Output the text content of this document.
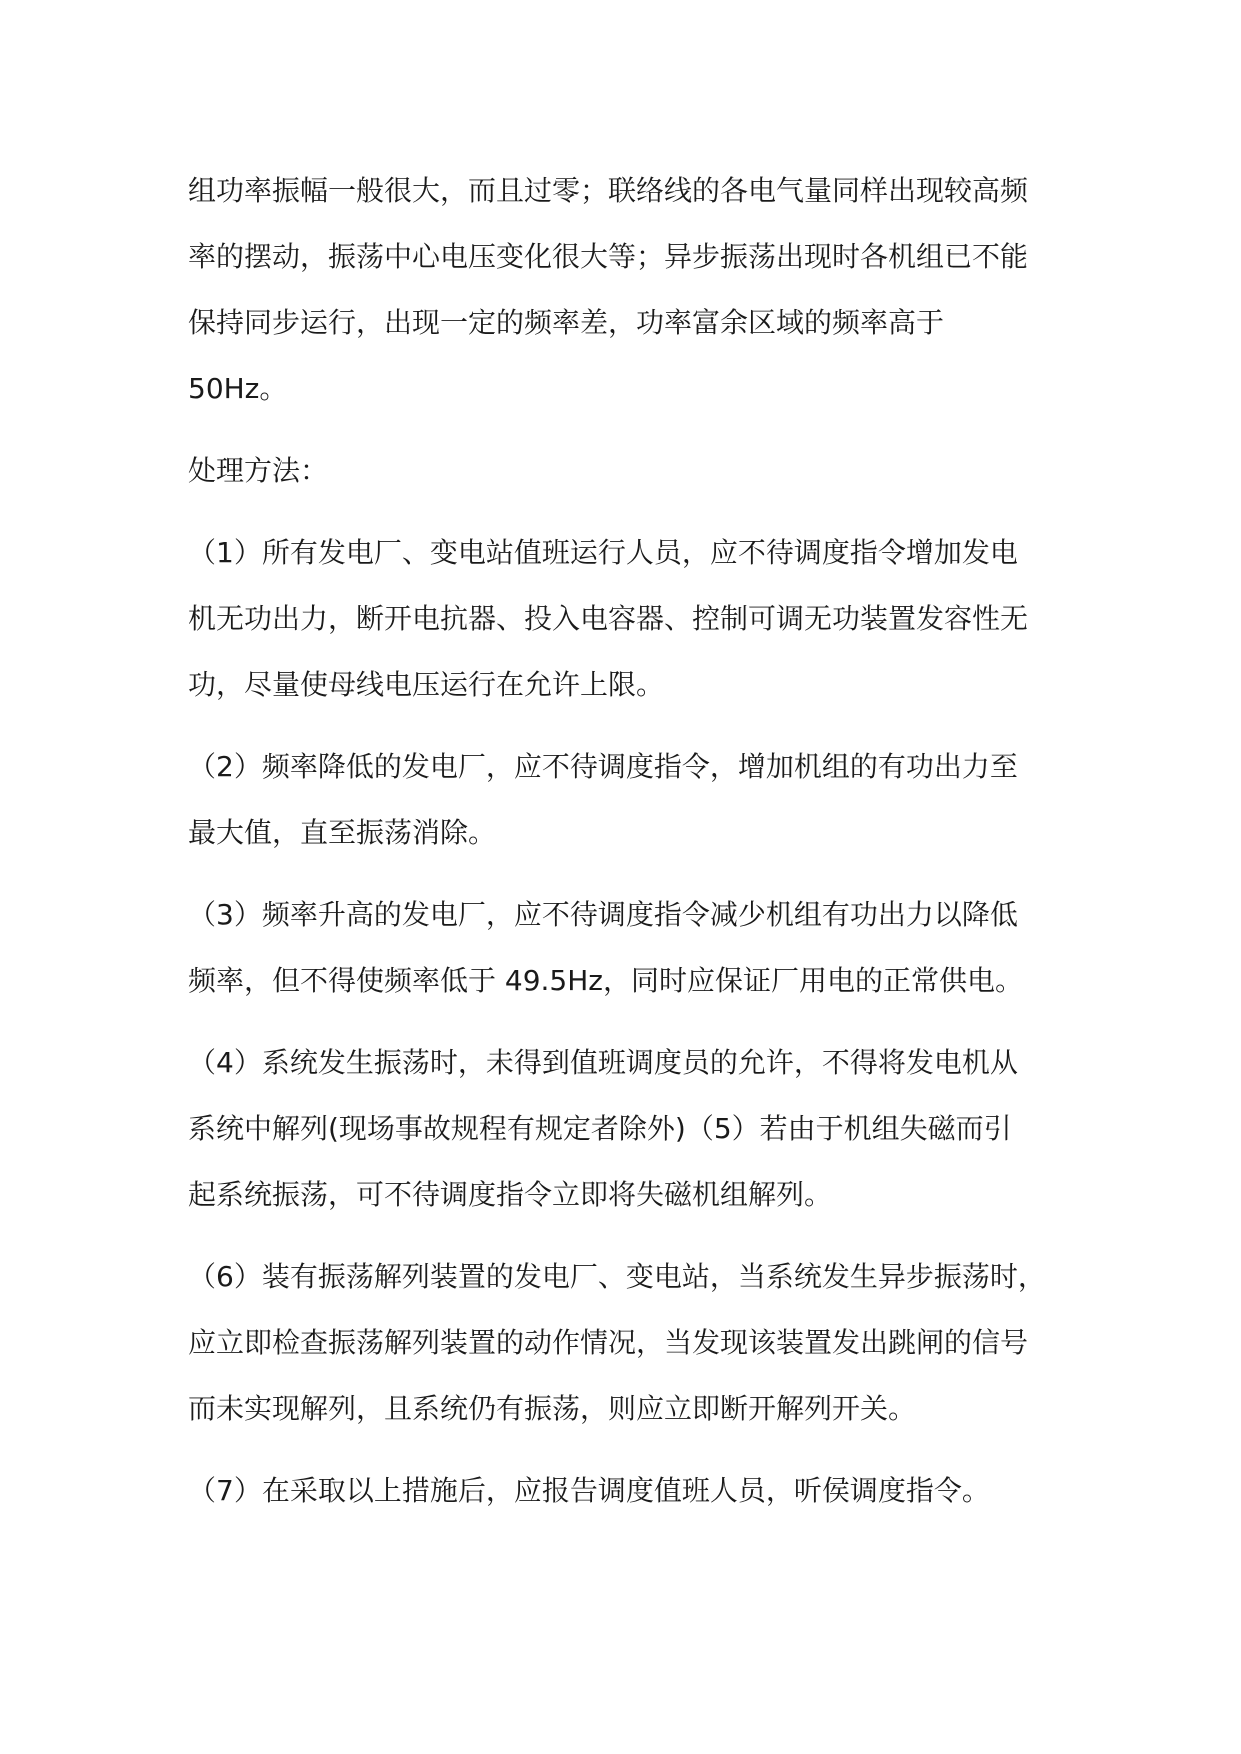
组功率振幅一般很大，而且过零；联络线的各电气量同样出现较高频
率的摆动，振荡中心电压变化很大等；异步振荡出现时各机组已不能
保持同步运行，出现一定的频率差，功率富余区域的频率高于
50Hz。

处理方法：

（1）所有发电厂、变电站值班运行人员，应不待调度指令增加发电
机无功出力，断开电抗器、投入电容器、控制可调无功装置发容性无
功，尽量使母线电压运行在允许上限。

（2）频率降低的发电厂，应不待调度指令，增加机组的有功出力至
最大值，直至振荡消除。

（3）频率升高的发电厂，应不待调度指令减少机组有功出力以降低
频率，但不得使频率低于 49.5Hz，同时应保证厂用电的正常供电。

（4）系统发生振荡时，未得到值班调度员的允许，不得将发电机从
系统中解列(现场事故规程有规定者除外)（5）若由于机组失磁而引
起系统振荡，可不待调度指令立即将失磁机组解列。

（6）装有振荡解列装置的发电厂、变电站，当系统发生异步振荡时，
应立即检查振荡解列装置的动作情况，当发现该装置发出跳闸的信号
而未实现解列，且系统仍有振荡，则应立即断开解列开关。

（7）在采取以上措施后，应报告调度值班人员，听侯调度指令。
